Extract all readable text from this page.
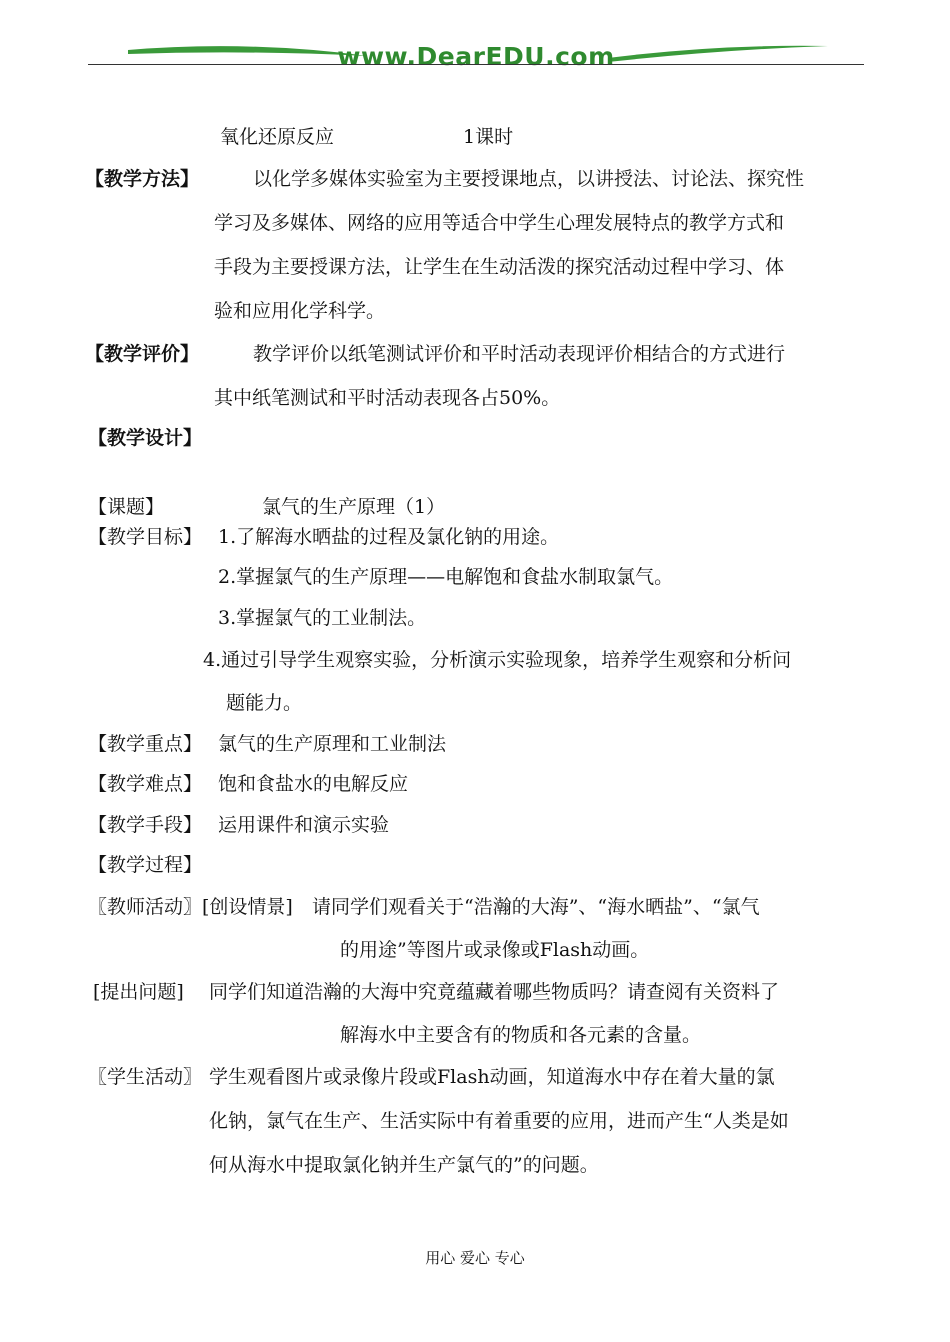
www.DearEDU.com
氧化还原反应	1课时
【教学方法】	以化学多媒体实验室为主要授课地点，以讲授法、讨论法、探究性
学习及多媒体、网络的应用等适合中学生心理发展特点的教学方式和
手段为主要授课方法，让学生在生动活泼的探究活动过程中学习、体
验和应用化学科学。
【教学评价】	教学评价以纸笔测试评价和平时活动表现评价相结合的方式进行
其中纸笔测试和平时活动表现各占50%。
【教学设计】
【课题】	氯气的生产原理（1）
【教学目标】 1.了解海水晒盐的过程及氯化钠的用途。
2.掌握氯气的生产原理——电解饱和食盐水制取氯气。
3.掌握氯气的工业制法。
4.通过引导学生观察实验，分析演示实验现象，培养学生观察和分析问
题能力。
【教学重点】 氯气的生产原理和工业制法
【教学难点】 饱和食盐水的电解反应
【教学手段】 运用课件和演示实验
【教学过程】
〖教师活动〗 [创设情景] 请同学们观看关于“浩瀚的大海”、“海水晒盐”、“氯气
的用途”等图片或录像或Flash动画。
[提出问题] 同学们知道浩瀚的大海中究竟蕴藏着哪些物质吗？请查阅有关资料了
解海水中主要含有的物质和各元素的含量。
〖学生活动〗 学生观看图片或录像片段或Flash动画，知道海水中存在着大量的氯
化钠，氯气在生产、生活实际中有着重要的应用，进而产生“人类是如
何从海水中提取氯化钠并生产氯气的”的问题。
用心 爱心 专心
